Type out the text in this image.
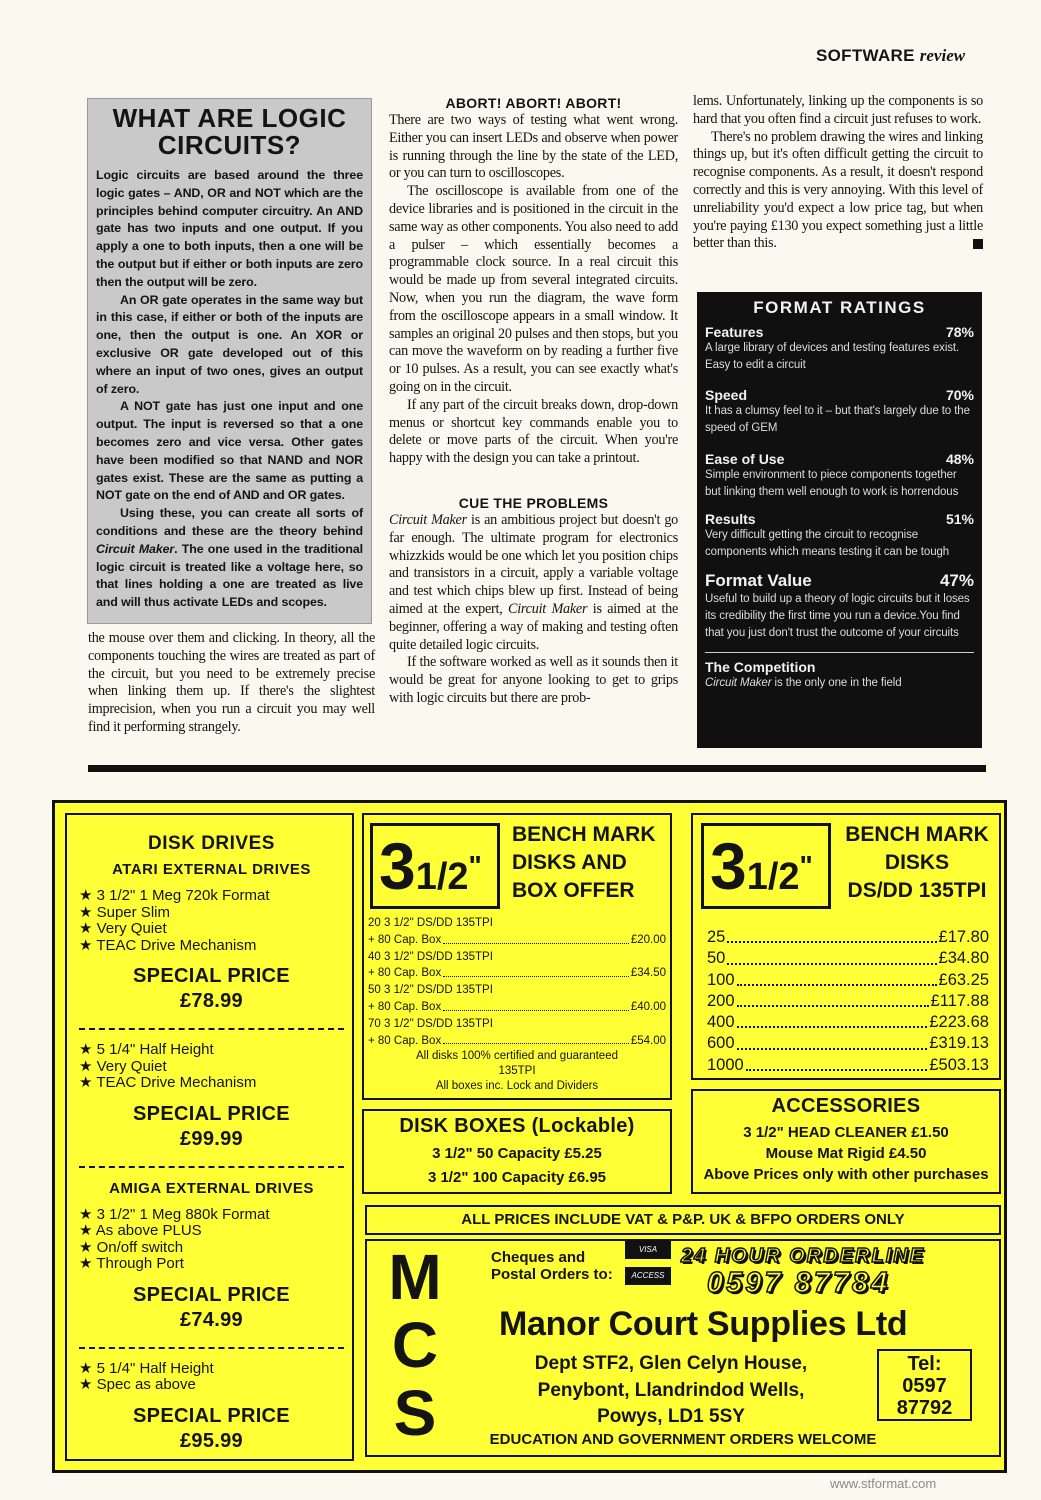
SOFTWARE review
WHAT ARE LOGIC CIRCUITS?

Logic circuits are based around the three logic gates – AND, OR and NOT which are the principles behind computer circuitry. An AND gate has two inputs and one output. If you apply a one to both inputs, then a one will be the output but if either or both inputs are zero then the output will be zero.

An OR gate operates in the same way but in this case, if either or both of the inputs are one, then the output is one. An XOR or exclusive OR gate developed out of this where an input of two ones, gives an output of zero.

A NOT gate has just one input and one output. The input is reversed so that a one becomes zero and vice versa. Other gates have been modified so that NAND and NOR gates exist. These are the same as putting a NOT gate on the end of AND and OR gates.

Using these, you can create all sorts of conditions and these are the theory behind Circuit Maker. The one used in the traditional logic circuit is treated like a voltage here, so that lines holding a one are treated as live and will thus activate LEDs and scopes.

the mouse over them and clicking. In theory, all the components touching the wires are treated as part of the circuit, but you need to be extremely precise when linking them up. If there's the slightest imprecision, when you run a circuit you may well find it performing strangely.

ABORT! ABORT! ABORT!

There are two ways of testing what went wrong. Either you can insert LEDs and observe when power is running through the line by the state of the LED, or you can turn to oscilloscopes.

The oscilloscope is available from one of the device libraries and is positioned in the circuit in the same way as other components. You also need to add a pulser – which essentially becomes a programmable clock source. In a real circuit this would be made up from several integrated circuits. Now, when you run the diagram, the wave form from the oscilloscope appears in a small window. It samples an original 20 pulses and then stops, but you can move the waveform on by reading a further five or 10 pulses. As a result, you can see exactly what's going on in the circuit.

If any part of the circuit breaks down, drop-down menus or shortcut key commands enable you to delete or move parts of the circuit. When you're happy with the design you can take a printout.

CUE THE PROBLEMS

Circuit Maker is an ambitious project but doesn't go far enough. The ultimate program for electronics whizzkids would be one which let you position chips and transistors in a circuit, apply a variable voltage and test which chips blew up first. Instead of being aimed at the expert, Circuit Maker is aimed at the beginner, offering a way of making and testing often quite detailed logic circuits.

If the software worked as well as it sounds then it would be great for anyone looking to get to grips with logic circuits but there are prob-

lems. Unfortunately, linking up the components is so hard that you often find a circuit just refuses to work.

There's no problem drawing the wires and linking things up, but it's often difficult getting the circuit to recognise components. As a result, it doesn't respond correctly and this is very annoying. With this level of unreliability you'd expect a low price tag, but when you're paying £130 you expect something just a little better than this.

FORMAT RATINGS
Features	78%
A large library of devices and testing features exist. Easy to edit a circuit
Speed	70%
It has a clumsy feel to it – but that's largely due to the speed of GEM
Ease of Use	48%
Simple environment to piece components together but linking them well enough to work is horrendous
Results	51%
Very difficult getting the circuit to recognise components which means testing it can be tough
Format Value	47%
Useful to build up a theory of logic circuits but it loses its credibility the first time you run a device.You find that you just don't trust the outcome of your circuits
The Competition
Circuit Maker is the only one in the field
DISK DRIVES
ATARI EXTERNAL DRIVES
★ 3 1/2" 1 Meg 720k Format
★ Super Slim
★ Very Quiet
★ TEAC Drive Mechanism
SPECIAL PRICE
£78.99
★ 5 1/4" Half Height
★ Very Quiet
★ TEAC Drive Mechanism
SPECIAL PRICE
£99.99
AMIGA EXTERNAL DRIVES
★ 3 1/2" 1 Meg 880k Format
★ As above PLUS
★ On/off switch
★ Through Port
SPECIAL PRICE
£74.99
★ 5 1/4" Half Height
★ Spec as above
SPECIAL PRICE
£95.99
31/2"
BENCH MARK
DISKS AND
BOX OFFER
20 3 1/2" DS/DD 135TPI
+ 80 Cap. Box	£20.00
40 3 1/2" DS/DD 135TPI
+ 80 Cap. Box	£34.50
50 3 1/2" DS/DD 135TPI
+ 80 Cap. Box	£40.00
70 3 1/2" DS/DD 135TPI
+ 80 Cap. Box	£54.00
All disks 100% certified and guaranteed
135TPI
All boxes inc. Lock and Dividers
DISK BOXES (Lockable)
3 1/2" 50 Capacity £5.25
3 1/2" 100 Capacity £6.95
31/2"
BENCH MARK
DISKS
DS/DD 135TPI
25	£17.80
50	£34.80
100	£63.25
200	£117.88
400	£223.68
600	£319.13
1000	£503.13
ACCESSORIES
3 1/2" HEAD CLEANER £1.50
Mouse Mat Rigid £4.50
Above Prices only with other purchases
ALL PRICES INCLUDE VAT & P&P. UK & BFPO ORDERS ONLY
M
C
S
Cheques and
Postal Orders to:
VISA
ACCESS
24 HOUR ORDERLINE
0597 87784
Manor Court Supplies Ltd
Dept STF2, Glen Celyn House,
Penybont, Llandrindod Wells,
Powys, LD1 5SY
Tel:
0597
87792
EDUCATION AND GOVERNMENT ORDERS WELCOME
www.stformat.com
